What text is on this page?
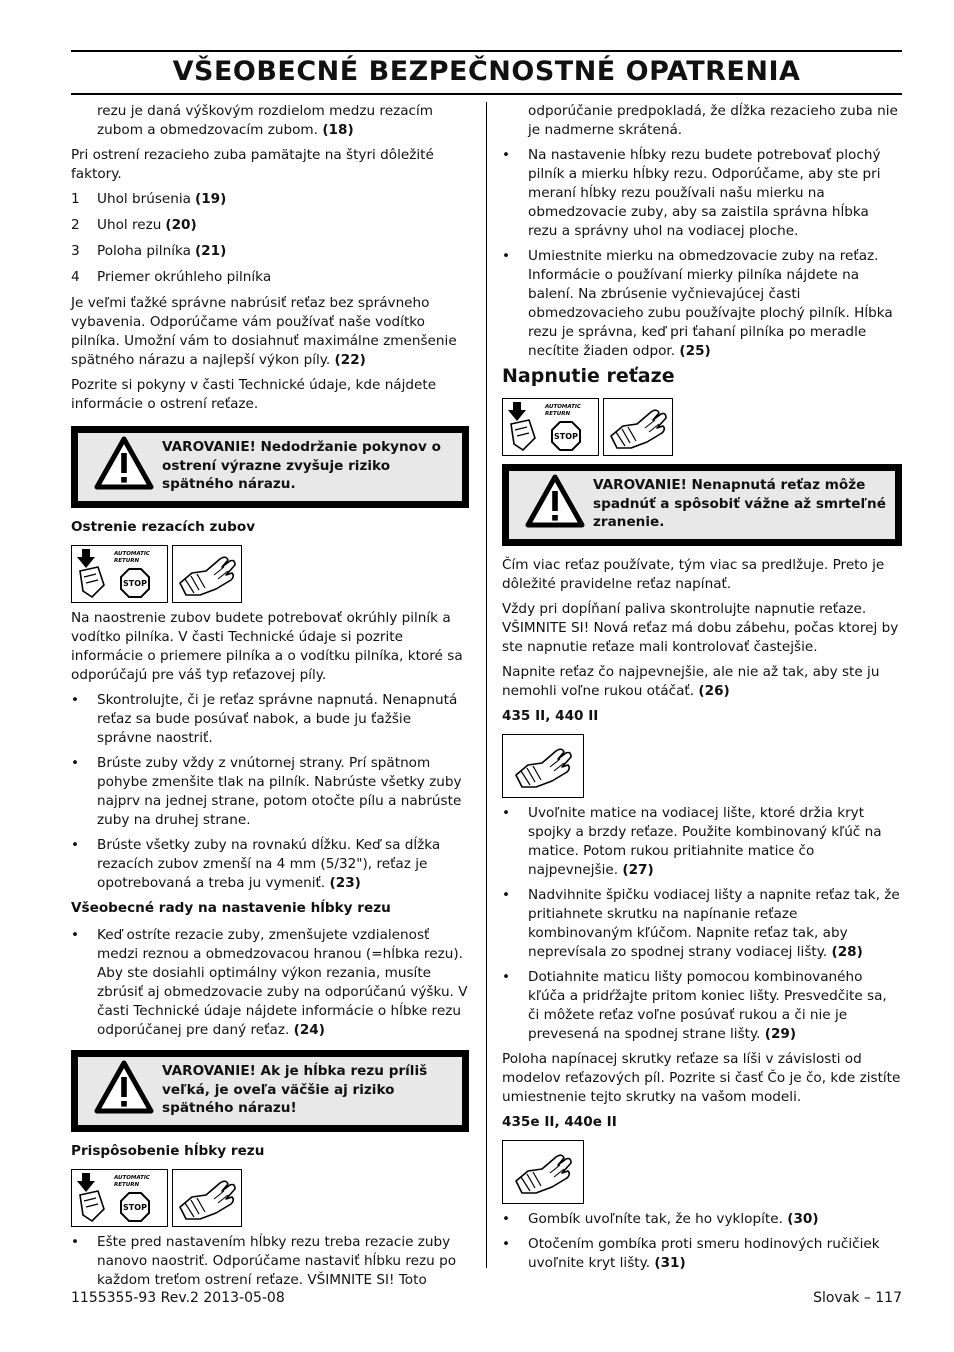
VŠEOBECNÉ BEZPEČNOSTNÉ OPATRENIA

rezu je daná výškovým rozdielom medzu rezacím zubom a obmedzovacím zubom. (18)

Pri ostrení rezacieho zuba pamätajte na štyri dôležité faktory.

1	Uhol brúsenia (19)
2	Uhol rezu (20)
3	Poloha pilníka (21)
4	Priemer okrúhleho pilníka

Je veľmi ťažké správne nabrúsiť reťaz bez správneho vybavenia. Odporúčame vám používať naše vodítko pilníka. Umožní vám to dosiahnuť maximálne zmenšenie spätného nárazu a najlepší výkon píly. (22)

Pozrite si pokyny v časti Technické údaje, kde nájdete informácie o ostrení reťaze.

VAROVANIE! Nedodržanie pokynov o ostrení výrazne zvyšuje riziko spätného nárazu.
Ostrenie rezacích zubov
AUTOMATIC
RETURN
STOP

Na naostrenie zubov budete potrebovať okrúhly pilník a vodítko pilníka. V časti Technické údaje si pozrite informácie o priemere pilníka a o vodítku pilníka, ktoré sa odporúčajú pre váš typ reťazovej píly.

•	Skontrolujte, či je reťaz správne napnutá. Nenapnutá reťaz sa bude posúvať nabok, a bude ju ťažšie správne naostriť.
•	Brúste zuby vždy z vnútornej strany. Prí spätnom pohybe zmenšite tlak na pilník. Nabrúste všetky zuby najprv na jednej strane, potom otočte pílu a nabrúste zuby na druhej strane.
•	Brúste všetky zuby na rovnakú dĺžku. Keď sa dĺžka rezacích zubov zmenší na 4 mm (5/32"), reťaz je opotrebovaná a treba ju vymeniť. (23)
Všeobecné rady na nastavenie hĺbky rezu
•	Keď ostríte rezacie zuby, zmenšujete vzdialenosť medzi reznou a obmedzovacou hranou (=hĺbka rezu). Aby ste dosiahli optimálny výkon rezania, musíte zbrúsiť aj obmedzovacie zuby na odporúčanú výšku. V časti Technické údaje nájdete informácie o hĺbke rezu odporúčanej pre daný reťaz. (24)
VAROVANIE! Ak je hĺbka rezu príliš veľká, je oveľa väčšie aj riziko spätného nárazu!
Prispôsobenie hĺbky rezu
AUTOMATIC
RETURN
STOP
•	Ešte pred nastavením hĺbky rezu treba rezacie zuby nanovo naostriť. Odporúčame nastaviť hĺbku rezu po každom treťom ostrení reťaze. VŠIMNITE SI! Toto

odporúčanie predpokladá, že dĺžka rezacieho zuba nie je nadmerne skrátená.

•	Na nastavenie hĺbky rezu budete potrebovať plochý pilník a mierku hĺbky rezu. Odporúčame, aby ste pri meraní hĺbky rezu používali našu mierku na obmedzovacie zuby, aby sa zaistila správna hĺbka rezu a správny uhol na vodiacej ploche.
•	Umiestnite mierku na obmedzovacie zuby na reťaz. Informácie o používaní mierky pilníka nájdete na balení. Na zbrúsenie vyčnievajúcej časti obmedzovacieho zubu používajte plochý pilník. Hĺbka rezu je správna, keď pri ťahaní pilníka po meradle necítite žiaden odpor. (25)
Napnutie reťaze
AUTOMATIC
RETURN
STOP
VAROVANIE! Nenapnutá reťaz môže spadnúť a spôsobiť vážne až smrteľné zranenie.

Čím viac reťaz používate, tým viac sa predlžuje. Preto je dôležité pravidelne reťaz napínať.

Vždy pri dopĺňaní paliva skontrolujte napnutie reťaze. VŠIMNITE SI! Nová reťaz má dobu zábehu, počas ktorej by ste napnutie reťaze mali kontrolovať častejšie.

Napnite reťaz čo najpevnejšie, ale nie až tak, aby ste ju nemohli voľne rukou otáčať. (26)

435 II, 440 II
•	Uvoľnite matice na vodiacej lište, ktoré držia kryt spojky a brzdy reťaze. Použite kombinovaný kľúč na matice. Potom rukou pritiahnite matice čo najpevnejšie. (27)
•	Nadvihnite špičku vodiacej lišty a napnite reťaz tak, že pritiahnete skrutku na napínanie reťaze kombinovaným kľúčom. Napnite reťaz tak, aby neprevísala zo spodnej strany vodiacej lišty. (28)
•	Dotiahnite maticu lišty pomocou kombinovaného kľúča a pridŕžajte pritom koniec lišty. Presvedčite sa, či môžete reťaz voľne posúvať rukou a či nie je prevesená na spodnej strane lišty. (29)

Poloha napínacej skrutky reťaze sa líši v závislosti od modelov reťazových píl. Pozrite si časť Čo je čo, kde zistíte umiestnenie tejto skrutky na vašom modeli.

435e II, 440e II
•	Gombík uvoľníte tak, že ho vyklopíte. (30)
•	Otočením gombíka proti smeru hodinových ručičiek uvoľnite kryt lišty. (31)
1155355-93 Rev.2 2013-05-08	Slovak – 117
